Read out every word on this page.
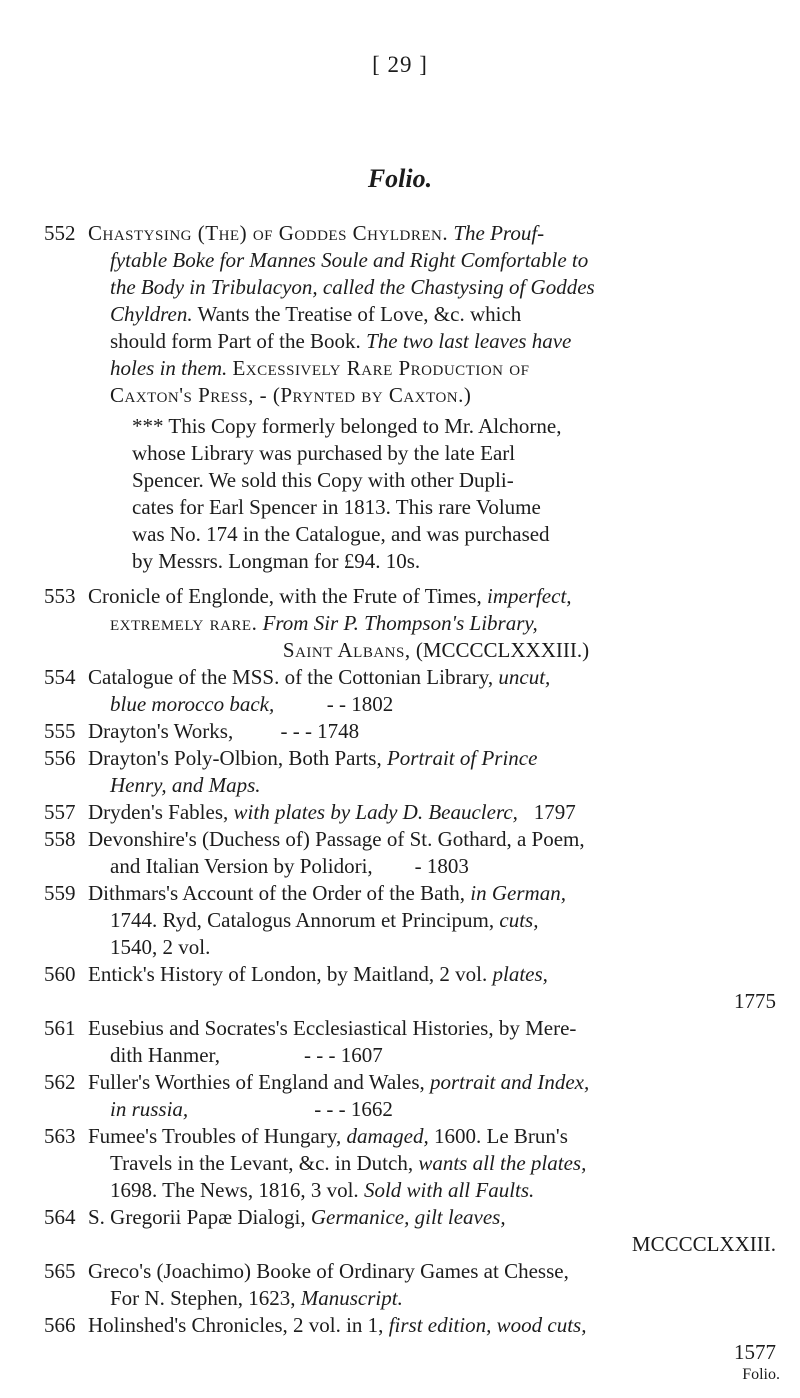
[ 29 ]
Folio.
552 Chastysing (The) of Goddes Chyldren. The Prouf-
fytable Boke for Mannes Soule and Right Comfortable to
the Body in Tribulacyon, called the Chastysing of Goddes
Chyldren. Wants the Treatise of Love, &c. which
should form Part of the Book. The two last leaves have
holes in them. Excessively Rare Production of
Caxton's Press, - (Prynted by Caxton.)
*** This Copy formerly belonged to Mr. Alchorne,
whose Library was purchased by the late Earl
Spencer. We sold this Copy with other Dupli-
cates for Earl Spencer in 1813. This rare Volume
was No. 174 in the Catalogue, and was purchased
by Messrs. Longman for £94. 10s.
553 Cronicle of Englonde, with the Frute of Times, imperfect,
extremely rare. From Sir P. Thompson's Library,
Saint Albans, (MCCCCLXXXIII.)
554 Catalogue of the MSS. of the Cottonian Library, uncut,
blue morocco back,	- - 1802
555 Drayton's Works, - - - 1748
556 Drayton's Poly-Olbion, Both Parts, Portrait of Prince
Henry, and Maps.
557 Dryden's Fables, with plates by Lady D. Beauclerc, 1797
558 Devonshire's (Duchess of) Passage of St. Gothard, a Poem,
and Italian Version by Polidori, - 1803
559 Dithmars's Account of the Order of the Bath, in German,
1744. Ryd, Catalogus Annorum et Principum, cuts,
1540, 2 vol.
560 Entick's History of London, by Maitland, 2 vol. plates,
1775
561 Eusebius and Socrates's Ecclesiastical Histories, by Mere-
dith Hanmer,	- - - 1607
562 Fuller's Worthies of England and Wales, portrait and Index,
in russia,	- - - 1662
563 Fumee's Troubles of Hungary, damaged, 1600. Le Brun's
Travels in the Levant, &c. in Dutch, wants all the plates,
1698. The News, 1816, 3 vol. Sold with all Faults.
564 S. Gregorii Papæ Dialogi, Germanice, gilt leaves,
MCCCCLXXIII.
565 Greco's (Joachimo) Booke of Ordinary Games at Chesse,
For N. Stephen, 1623, Manuscript.
566 Holinshed's Chronicles, 2 vol. in 1, first edition, wood cuts,
1577
Folio.
